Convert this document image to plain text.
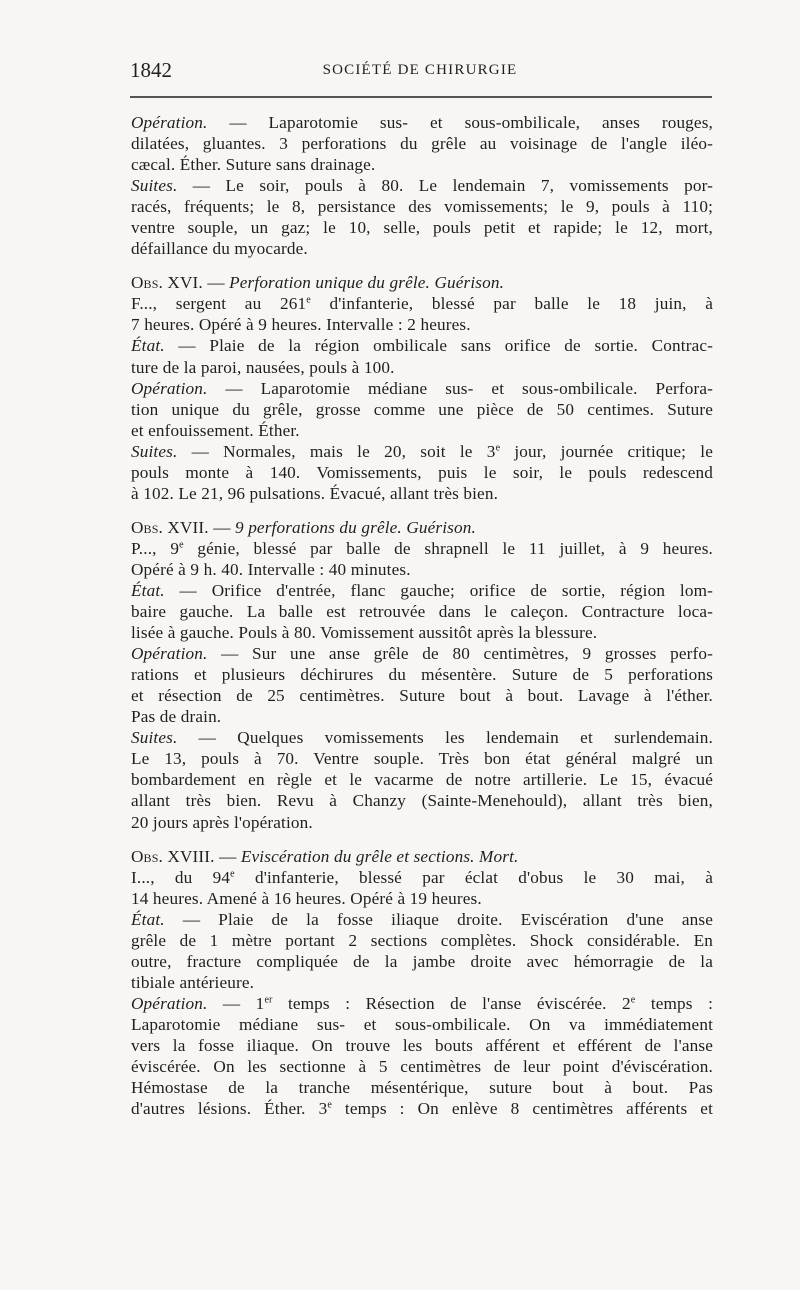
1842	SOCIÉTÉ DE CHIRURGIE
Opération. — Laparotomie sus- et sous-ombilicale, anses rouges,
dilatées, gluantes. 3 perforations du grêle au voisinage de l'angle iléo-
cæcal. Éther. Suture sans drainage.
Suites. — Le soir, pouls à 80. Le lendemain 7, vomissements por-
racés, fréquents; le 8, persistance des vomissements; le 9, pouls à 110;
ventre souple, un gaz; le 10, selle, pouls petit et rapide; le 12, mort,
défaillance du myocarde.
Obs. XVI. — Perforation unique du grêle. Guérison.
F..., sergent au 261e d'infanterie, blessé par balle le 18 juin, à
7 heures. Opéré à 9 heures. Intervalle : 2 heures.
État. — Plaie de la région ombilicale sans orifice de sortie. Contrac-
ture de la paroi, nausées, pouls à 100.
Opération. — Laparotomie médiane sus- et sous-ombilicale. Perfora-
tion unique du grêle, grosse comme une pièce de 50 centimes. Suture
et enfouissement. Éther.
Suites. — Normales, mais le 20, soit le 3e jour, journée critique; le
pouls monte à 140. Vomissements, puis le soir, le pouls redescend
à 102. Le 21, 96 pulsations. Évacué, allant très bien.
Obs. XVII. — 9 perforations du grêle. Guérison.
P..., 9e génie, blessé par balle de shrapnell le 11 juillet, à 9 heures.
Opéré à 9 h. 40. Intervalle : 40 minutes.
État. — Orifice d'entrée, flanc gauche; orifice de sortie, région lom-
baire gauche. La balle est retrouvée dans le caleçon. Contracture loca-
lisée à gauche. Pouls à 80. Vomissement aussitôt après la blessure.
Opération. — Sur une anse grêle de 80 centimètres, 9 grosses perfo-
rations et plusieurs déchirures du mésentère. Suture de 5 perforations
et résection de 25 centimètres. Suture bout à bout. Lavage à l'éther.
Pas de drain.
Suites. — Quelques vomissements les lendemain et surlendemain.
Le 13, pouls à 70. Ventre souple. Très bon état général malgré un
bombardement en règle et le vacarme de notre artillerie. Le 15, évacué
allant très bien. Revu à Chanzy (Sainte-Menehould), allant très bien,
20 jours après l'opération.
Obs. XVIII. — Eviscération du grêle et sections. Mort.
I..., du 94e d'infanterie, blessé par éclat d'obus le 30 mai, à
14 heures. Amené à 16 heures. Opéré à 19 heures.
État. — Plaie de la fosse iliaque droite. Eviscération d'une anse
grêle de 1 mètre portant 2 sections complètes. Shock considérable. En
outre, fracture compliquée de la jambe droite avec hémorragie de la
tibiale antérieure.
Opération. — 1er temps : Résection de l'anse éviscérée. 2e temps :
Laparotomie médiane sus- et sous-ombilicale. On va immédiatement
vers la fosse iliaque. On trouve les bouts afférent et efférent de l'anse
éviscérée. On les sectionne à 5 centimètres de leur point d'éviscération.
Hémostase de la tranche mésentérique, suture bout à bout. Pas
d'autres lésions. Éther. 3e temps : On enlève 8 centimètres afférents et
